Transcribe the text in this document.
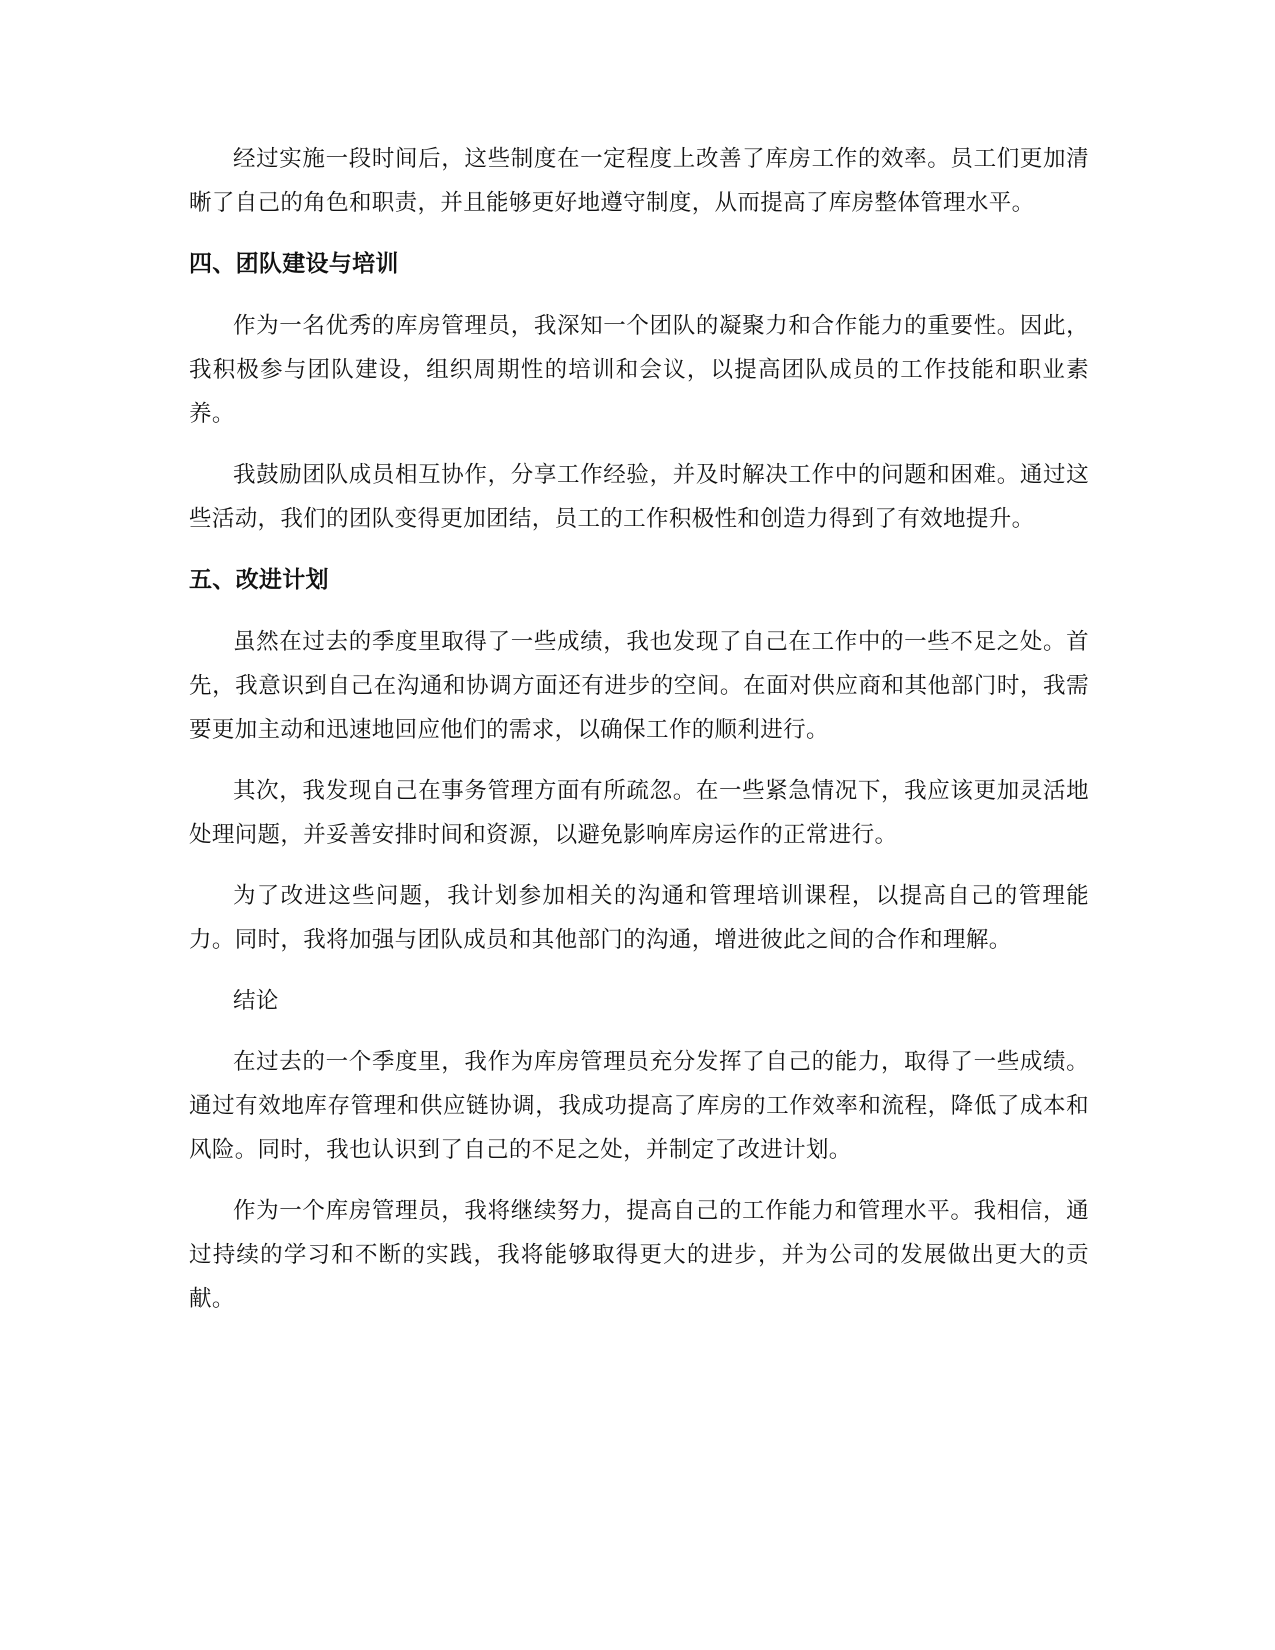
经过实施一段时间后，这些制度在一定程度上改善了库房工作的效率。员工们更加清晰了自己的角色和职责，并且能够更好地遵守制度，从而提高了库房整体管理水平。

四、团队建设与培训

作为一名优秀的库房管理员，我深知一个团队的凝聚力和合作能力的重要性。因此，我积极参与团队建设，组织周期性的培训和会议，以提高团队成员的工作技能和职业素养。

我鼓励团队成员相互协作，分享工作经验，并及时解决工作中的问题和困难。通过这些活动，我们的团队变得更加团结，员工的工作积极性和创造力得到了有效地提升。

五、改进计划

虽然在过去的季度里取得了一些成绩，我也发现了自己在工作中的一些不足之处。首先，我意识到自己在沟通和协调方面还有进步的空间。在面对供应商和其他部门时，我需要更加主动和迅速地回应他们的需求，以确保工作的顺利进行。

其次，我发现自己在事务管理方面有所疏忽。在一些紧急情况下，我应该更加灵活地处理问题，并妥善安排时间和资源，以避免影响库房运作的正常进行。

为了改进这些问题，我计划参加相关的沟通和管理培训课程，以提高自己的管理能力。同时，我将加强与团队成员和其他部门的沟通，增进彼此之间的合作和理解。

结论

在过去的一个季度里，我作为库房管理员充分发挥了自己的能力，取得了一些成绩。通过有效地库存管理和供应链协调，我成功提高了库房的工作效率和流程，降低了成本和风险。同时，我也认识到了自己的不足之处，并制定了改进计划。

作为一个库房管理员，我将继续努力，提高自己的工作能力和管理水平。我相信，通过持续的学习和不断的实践，我将能够取得更大的进步，并为公司的发展做出更大的贡献。
